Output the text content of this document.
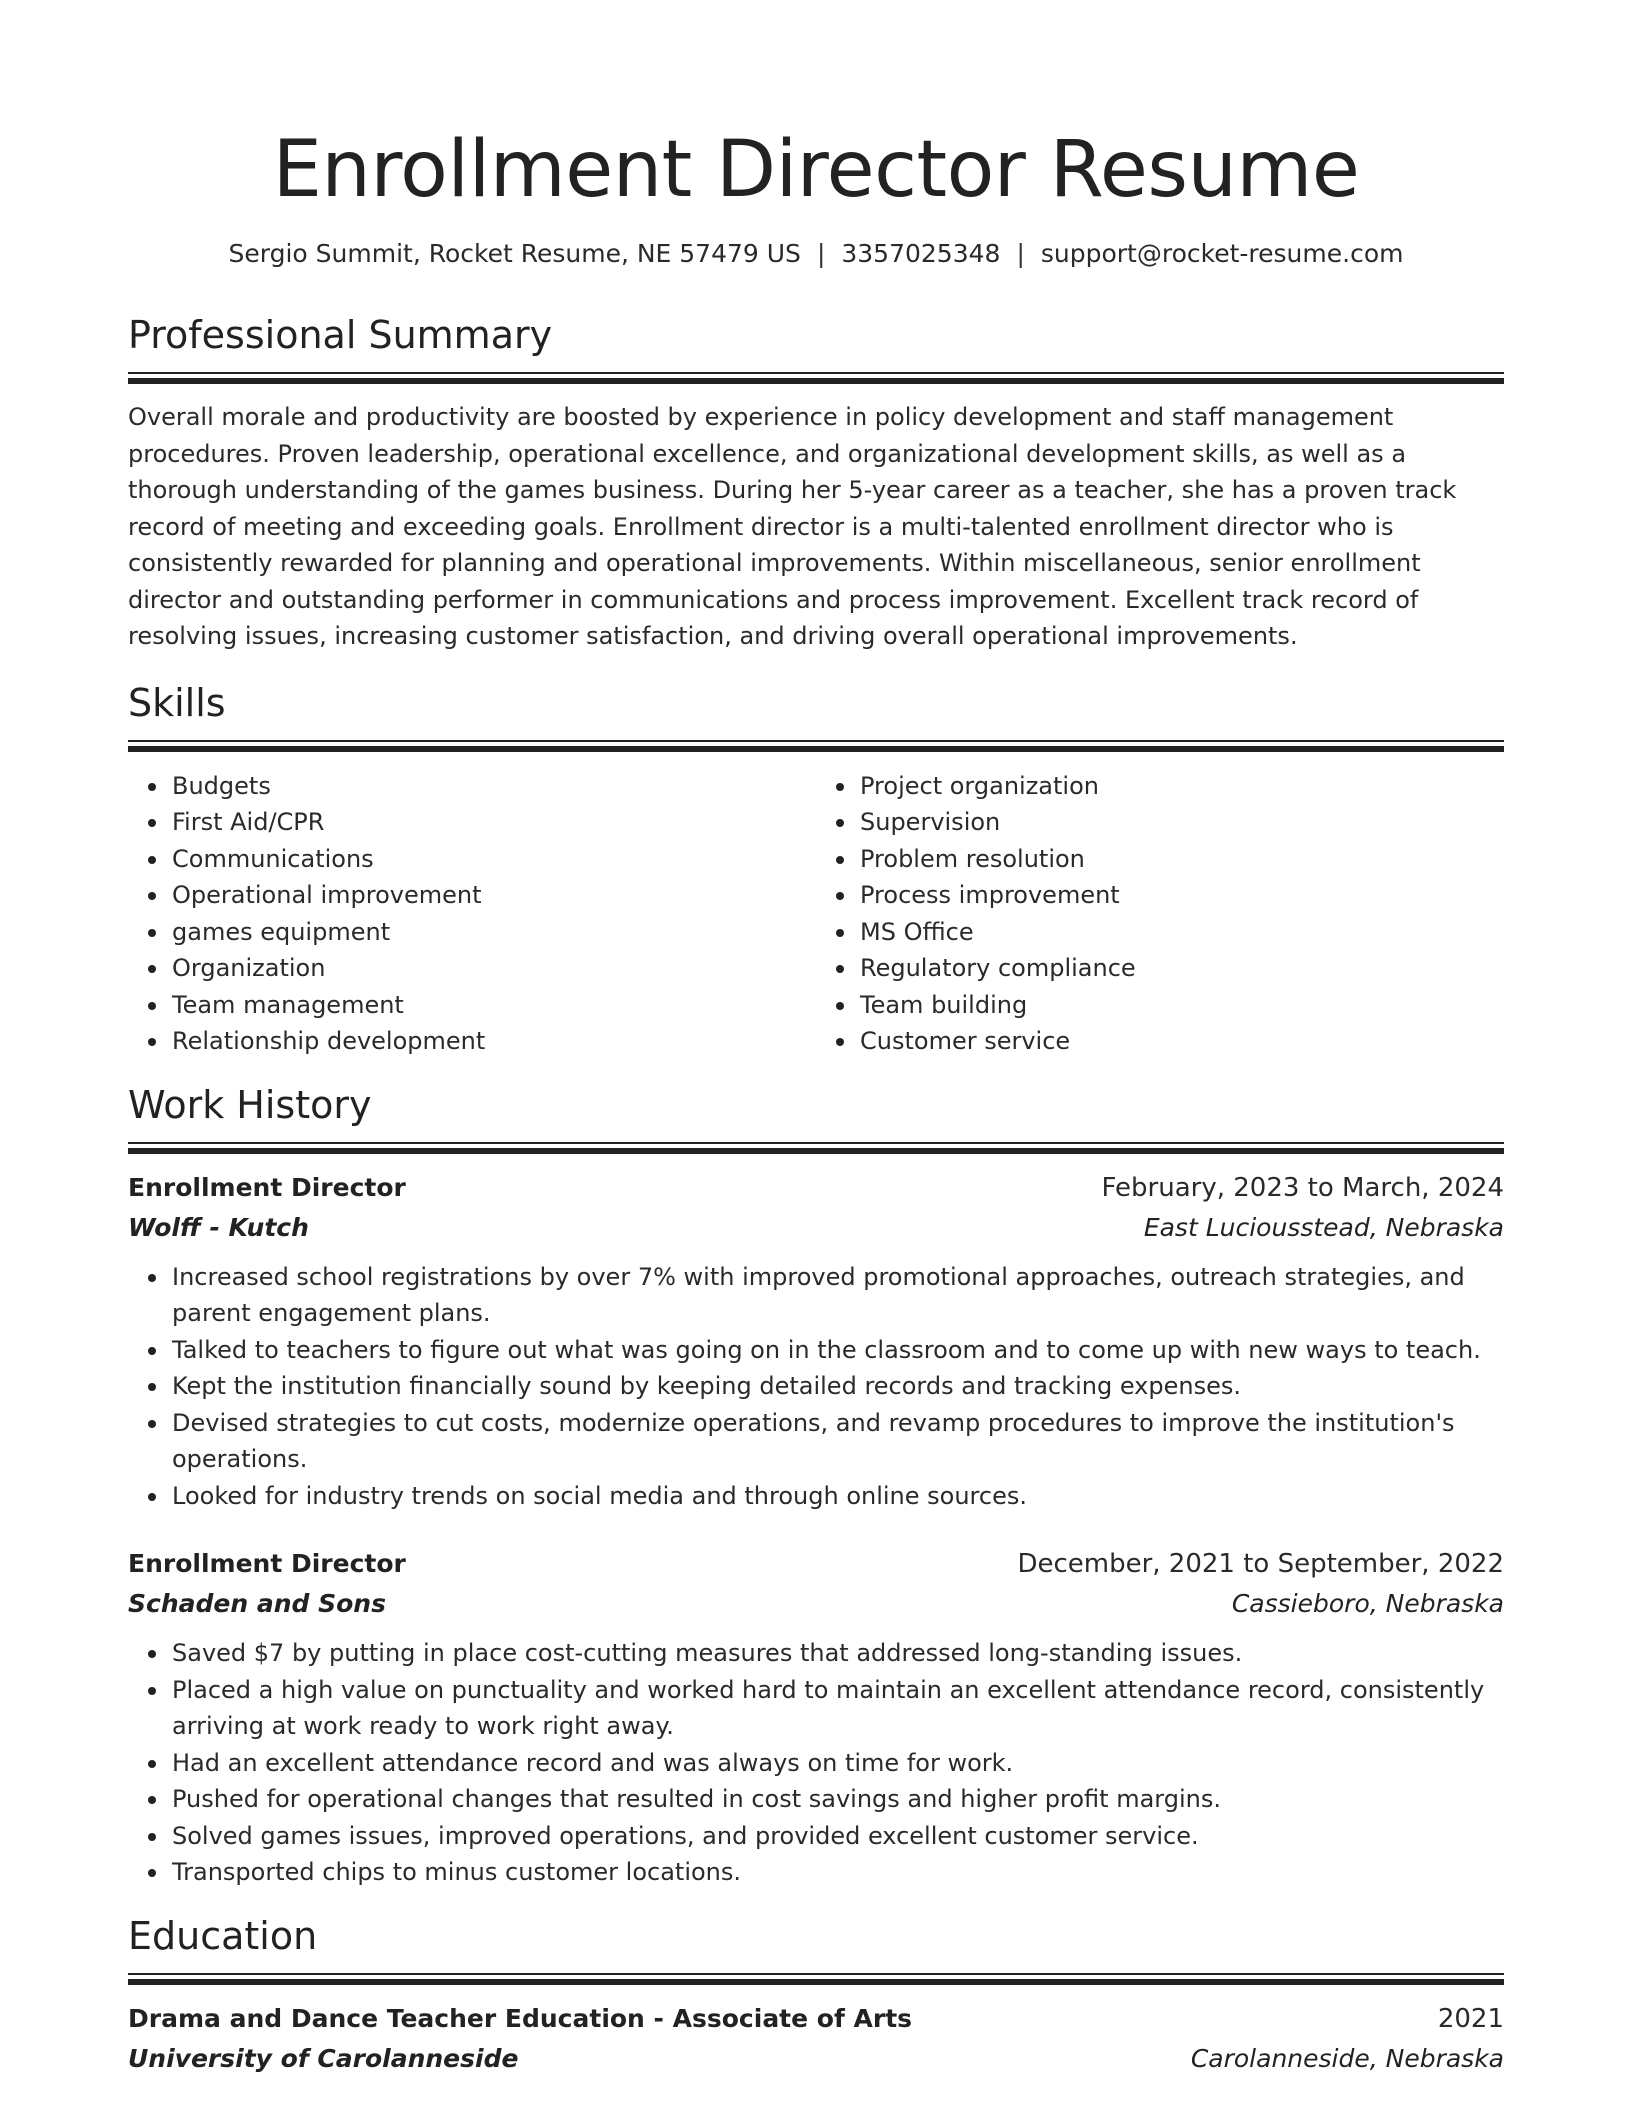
Enrollment Director Resume
Sergio Summit, Rocket Resume, NE 57479 US | 3357025348 | support@rocket-resume.com
Professional Summary
Overall morale and productivity are boosted by experience in policy development and staff management procedures. Proven leadership, operational excellence, and organizational development skills, as well as a thorough understanding of the games business. During her 5-year career as a teacher, she has a proven track record of meeting and exceeding goals. Enrollment director is a multi-talented enrollment director who is consistently rewarded for planning and operational improvements. Within miscellaneous, senior enrollment director and outstanding performer in communications and process improvement. Excellent track record of resolving issues, increasing customer satisfaction, and driving overall operational improvements.
Skills
Budgets
First Aid/CPR
Communications
Operational improvement
games equipment
Organization
Team management
Relationship development
Project organization
Supervision
Problem resolution
Process improvement
MS Office
Regulatory compliance
Team building
Customer service
Work History
Enrollment Director	February, 2023 to March, 2024
Wolff - Kutch	East Lucioussteаd, Nebraska
Increased school registrations by over 7% with improved promotional approaches, outreach strategies, and parent engagement plans.
Talked to teachers to figure out what was going on in the classroom and to come up with new ways to teach.
Kept the institution financially sound by keeping detailed records and tracking expenses.
Devised strategies to cut costs, modernize operations, and revamp procedures to improve the institution's operations.
Looked for industry trends on social media and through online sources.
Enrollment Director	December, 2021 to September, 2022
Schaden and Sons	Cassieboro, Nebraska
Saved $7 by putting in place cost-cutting measures that addressed long-standing issues.
Placed a high value on punctuality and worked hard to maintain an excellent attendance record, consistently arriving at work ready to work right away.
Had an excellent attendance record and was always on time for work.
Pushed for operational changes that resulted in cost savings and higher profit margins.
Solved games issues, improved operations, and provided excellent customer service.
Transported chips to minus customer locations.
Education
Drama and Dance Teacher Education - Associate of Arts	2021
University of Carolanneside	Carolanneside, Nebraska
